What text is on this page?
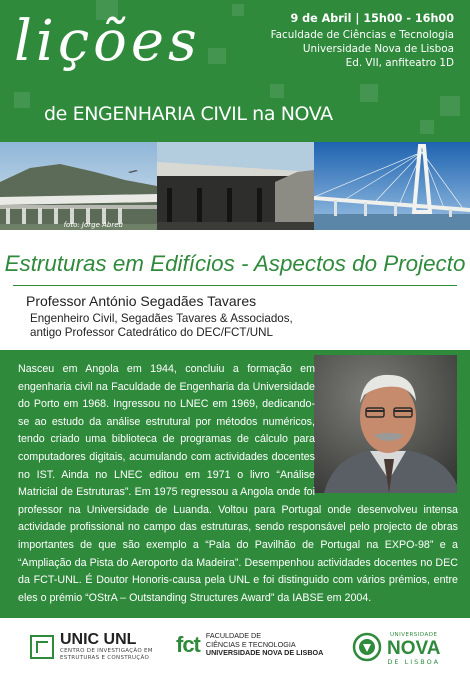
lições
de ENGENHARIA CIVIL na NOVA
9 de Abril | 15h00 - 16h00
Faculdade de Ciências e Tecnologia
Universidade Nova de Lisboa
Ed. VII, anfiteatro 1D
foto: Jorge Abreu
Estruturas em Edifícios - Aspectos do Projecto
Professor António Segadães Tavares
Engenheiro Civil, Segadães Tavares & Associados,
antigo Professor Catedrático do DEC/FCT/UNL
Nasceu em Angola em 1944, concluiu a formação em engenharia civil na Faculdade de Engenharia da Universidade do Porto em 1968. Ingressou no LNEC em 1969, dedicando-se ao estudo da análise estrutural por métodos numéricos, tendo criado uma biblioteca de programas de cálculo para computadores digitais, acumulando com actividades docentes no IST. Ainda no LNEC editou em 1971 o livro “Análise Matricial de Estruturas”. Em 1975 regressou a Angola onde foi professor na Universidade de Luanda. Voltou para Portugal onde desenvolveu intensa actividade profissional no campo das estruturas, sendo responsável pelo projecto de obras importantes de que são exemplo a “Pala do Pavilhão de Portugal na EXPO-98” e a “Ampliação da Pista do Aeroporto da Madeira”. Desempenhou actividades docentes no DEC da FCT-UNL. É Doutor Honoris-causa pela UNL e foi distinguido com vários prémios, entre eles o prémio “OStrA – Outstanding Structures Award” da IABSE em 2004.
UNIC UNL
CENTRO DE INVESTIGAÇÃO EM
ESTRUTURAS E CONSTRUÇÃO
fct FACULDADE DE
CIÊNCIAS E TECNOLOGIA
UNIVERSIDADE NOVA DE LISBOA
UNIVERSIDADE
NOVA
DE LISBOA
